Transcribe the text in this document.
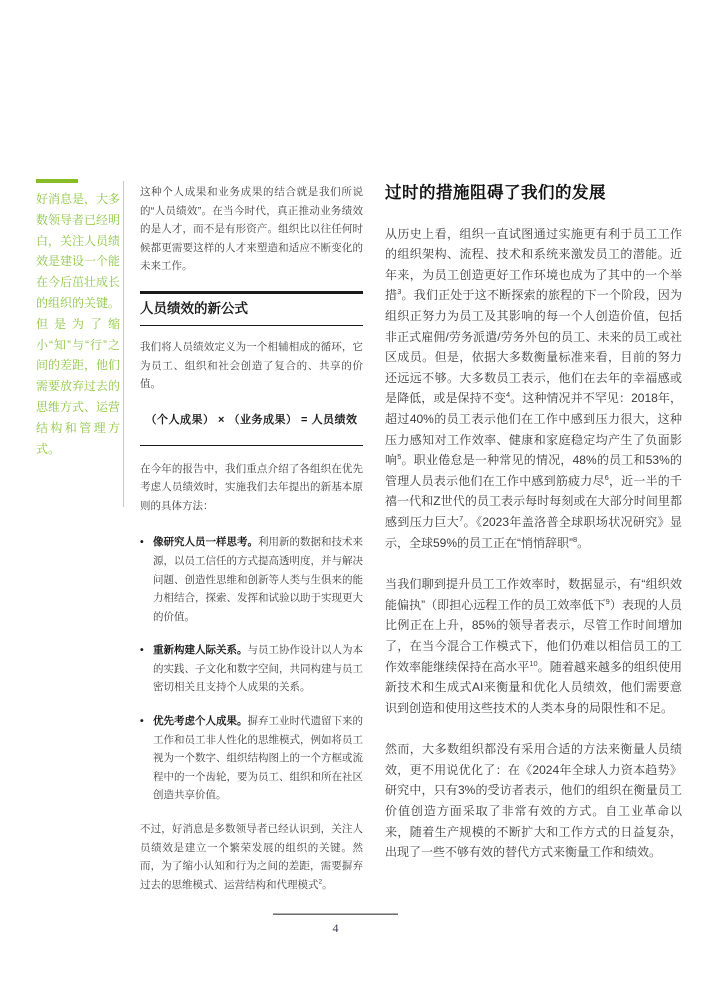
好消息是，大多数领导者已经明白，关注人员绩效是建设一个能在今后茁壮成长的组织的关键。但是为了缩小“知”与“行”之间的差距，他们需要放弃过去的思维方式、运营结构和管理方式。

这种个人成果和业务成果的结合就是我们所说的“人员绩效”。在当今时代，真正推动业务绩效的是人才，而不是有形资产。组织比以往任何时候都更需要这样的人才来塑造和适应不断变化的未来工作。

人员绩效的新公式

我们将人员绩效定义为一个相辅相成的循环，它为员工、组织和社会创造了复合的、共享的价值。

（个人成果） × （业务成果） = 人员绩效

在今年的报告中，我们重点介绍了各组织在优先考虑人员绩效时，实施我们去年提出的新基本原则的具体方法：

• 像研究人员一样思考。利用新的数据和技术来源，以员工信任的方式提高透明度，并与解决问题、创造性思维和创新等人类与生俱来的能力相结合，探索、发挥和试验以助于实现更大的价值。
• 重新构建人际关系。与员工协作设计以人为本的实践、子文化和数字空间，共同构建与员工密切相关且支持个人成果的关系。
• 优先考虑个人成果。摒弃工业时代遗留下来的工作和员工非人性化的思维模式，例如将员工视为一个数字、组织结构图上的一个方框或流程中的一个齿轮，要为员工、组织和所在社区创造共享价值。

不过，好消息是多数领导者已经认识到，关注人员绩效是建立一个繁荣发展的组织的关键。然而，为了缩小认知和行为之间的差距，需要摒弃过去的思维模式、运营结构和代理模式$^2$。

过时的措施阻碍了我们的发展

从历史上看，组织一直试图通过实施更有利于员工工作的组织架构、流程、技术和系统来激发员工的潜能。近年来，为员工创造更好工作环境也成为了其中的一个举措$^3$。我们正处于这不断探索的旅程的下一个阶段，因为组织正努力为员工及其影响的每一个人创造价值，包括非正式雇佣/劳务派遣/劳务外包的员工、未来的员工或社区成员。但是，依据大多数衡量标准来看，目前的努力还远远不够。大多数员工表示，他们在去年的幸福感或是降低，或是保持不变$^4$。这种情况并不罕见：2018年，超过40%的员工表示他们在工作中感到压力很大，这种压力感知对工作效率、健康和家庭稳定均产生了负面影响$^5$。职业倦怠是一种常见的情况，48%的员工和53%的管理人员表示他们在工作中感到筋疲力尽$^6$，近一半的千禧一代和Z世代的员工表示每时每刻或在大部分时间里都感到压力巨大$^7$。《2023年盖洛普全球职场状况研究》显示，全球59%的员工正在“悄悄辞职”$^8$。

当我们聊到提升员工工作效率时，数据显示，有“组织效能偏执”（即担心远程工作的员工效率低下$^9$）表现的人员比例正在上升，85%的领导者表示，尽管工作时间增加了，在当今混合工作模式下，他们仍难以相信员工的工作效率能继续保持在高水平$^{10}$。随着越来越多的组织使用新技术和生成式AI来衡量和优化人员绩效，他们需要意识到创造和使用这些技术的人类本身的局限性和不足。

然而，大多数组织都没有采用合适的方法来衡量人员绩效，更不用说优化了：在《2024年全球人力资本趋势》研究中，只有3%的受访者表示，他们的组织在衡量员工价值创造方面采取了非常有效的方式。自工业革命以来，随着生产规模的不断扩大和工作方式的日益复杂，出现了一些不够有效的替代方式来衡量工作和绩效。

4
